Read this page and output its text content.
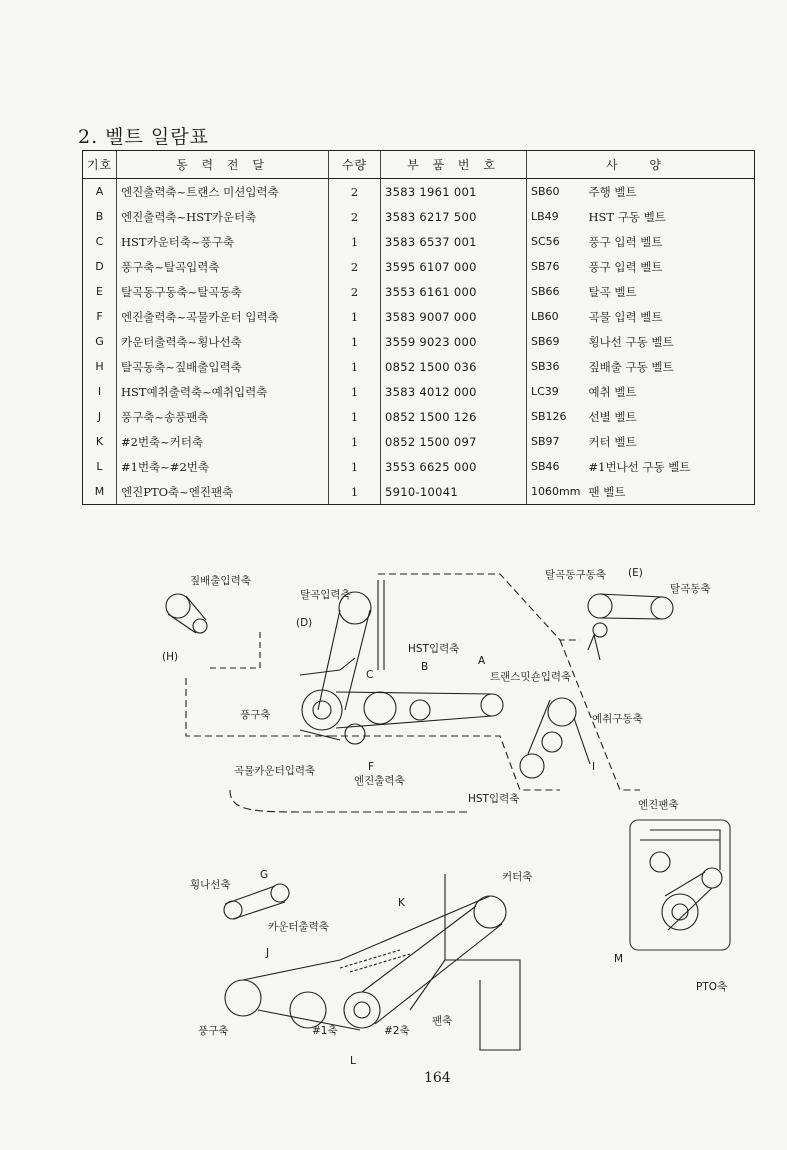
2. 벨트 일람표
기호	동 력 전 달	수량	부 품 번 호	사 양	
A	엔진출력축~트랜스 미션입력축	2	3583 1961 001	SB60	주행 벨트
B	엔진출력축~HST카운터축	2	3583 6217 500	LB49	HST 구동 벨트
C	HST카운터축~풍구축	1	3583 6537 001	SC56	풍구 입력 벨트
D	풍구축~탈곡입력축	2	3595 6107 000	SB76	풍구 입력 벨트
E	탈곡동구동축~탈곡동축	2	3553 6161 000	SB66	탈곡 벨트
F	엔진출력축~곡물카운터 입력축	1	3583 9007 000	LB60	곡물 입력 벨트
G	카운터출력축~횡나선축	1	3559 9023 000	SB69	횡나선 구동 벨트
H	탈곡동축~짚배출입력축	1	0852 1500 036	SB36	짚배출 구동 벨트
I	HST예취출력축~예취입력축	1	3583 4012 000	LC39	예취 벨트
J	풍구축~송풍팬축	1	0852 1500 126	SB126	선별 벨트
K	#2번축~커터축	1	0852 1500 097	SB97	커터 벨트
L	#1번축~#2번축	1	3553 6625 000	SB46	#1번나선 구동 벨트
M	엔진PTO축~엔진팬축	1	5910-10041	1060mm	팬 벨트
짚배출입력축
탈곡입력축
탈곡동구동축
탈곡동축
HST입력축
트랜스밋숀입력축
풍구축	예취구동축
곡물카운터입력축
엔진출력축
HST입력축	엔진팬축
횡나선축
카운터출력축
커터축
풍구축	#1축	#2축
팬축
PTO축
(D)
(E)
(H)	A
B
C
F	I
G
K
J
L
M
164
